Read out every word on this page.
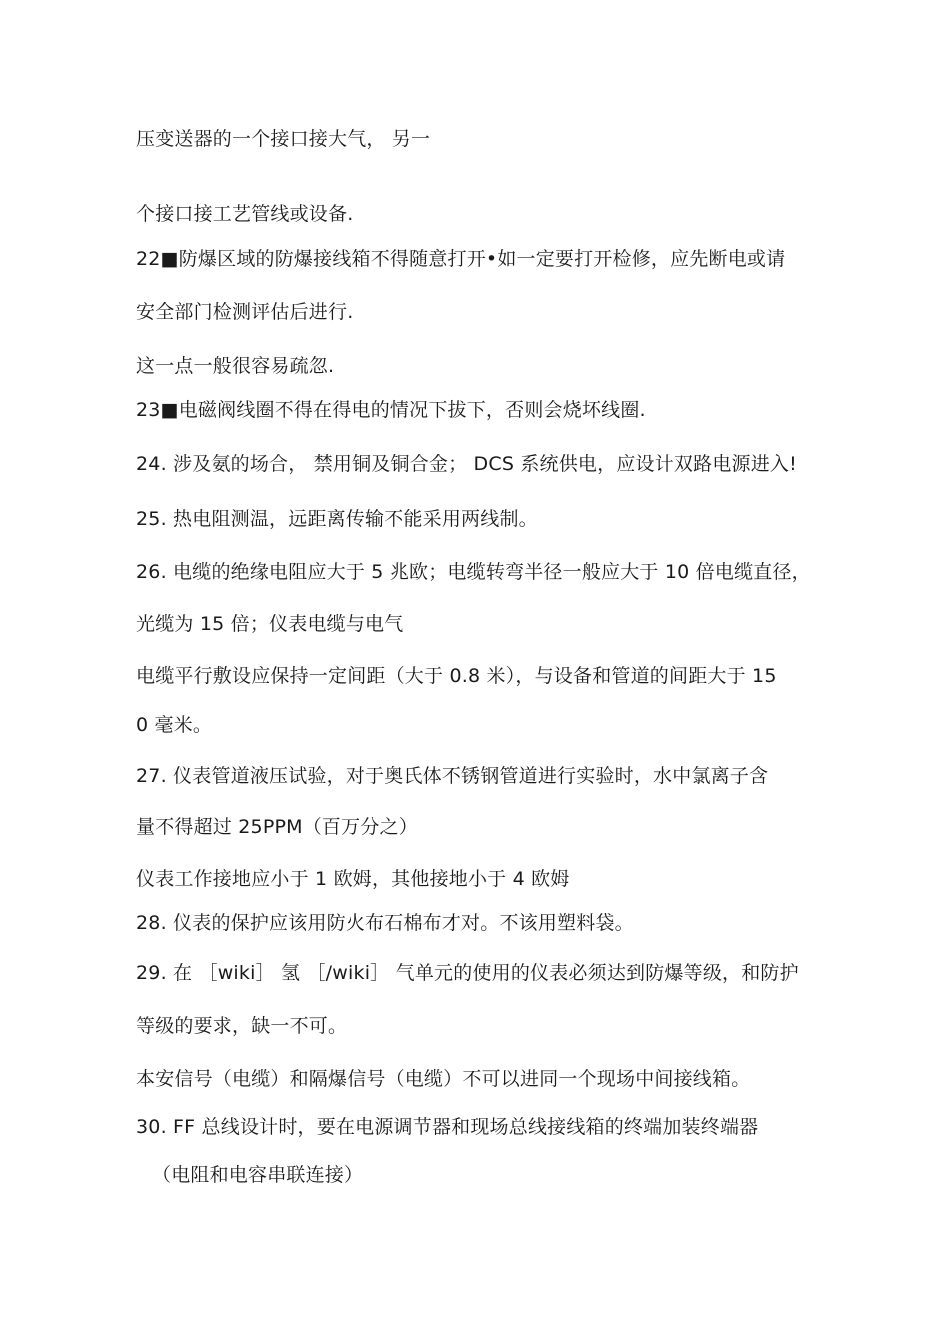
压变送器的一个接口接大气， 另一
个接口接工艺管线或设备.
22■防爆区域的防爆接线箱不得随意打开•如一定要打开检修，应先断电或请
安全部门检测评估后进行.
这一点一般很容易疏忽.
23■电磁阀线圈不得在得电的情况下拔下，否则会烧坏线圈.
24. 涉及氨的场合， 禁用铜及铜合金； DCS 系统供电，应设计双路电源进入!
25. 热电阻测温，远距离传输不能采用两线制。
26. 电缆的绝缘电阻应大于 5 兆欧；电缆转弯半径一般应大于 10 倍电缆直径，
光缆为 15 倍；仪表电缆与电气
电缆平行敷设应保持一定间距（大于 0.8 米），与设备和管道的间距大于 15
0 毫米。
27. 仪表管道液压试验，对于奥氏体不锈钢管道进行实验时，水中氯离子含
量不得超过 25PPM（百万分之）
仪表工作接地应小于 1 欧姆，其他接地小于 4 欧姆
28. 仪表的保护应该用防火布石棉布才对。不该用塑料袋。
29. 在 ［wiki］ 氢 ［/wiki］ 气单元的使用的仪表必须达到防爆等级，和防护
等级的要求，缺一不可。
本安信号（电缆）和隔爆信号（电缆）不可以进同一个现场中间接线箱。
30. FF 总线设计时，要在电源调节器和现场总线接线箱的终端加装终端器
（电阻和电容串联连接）
